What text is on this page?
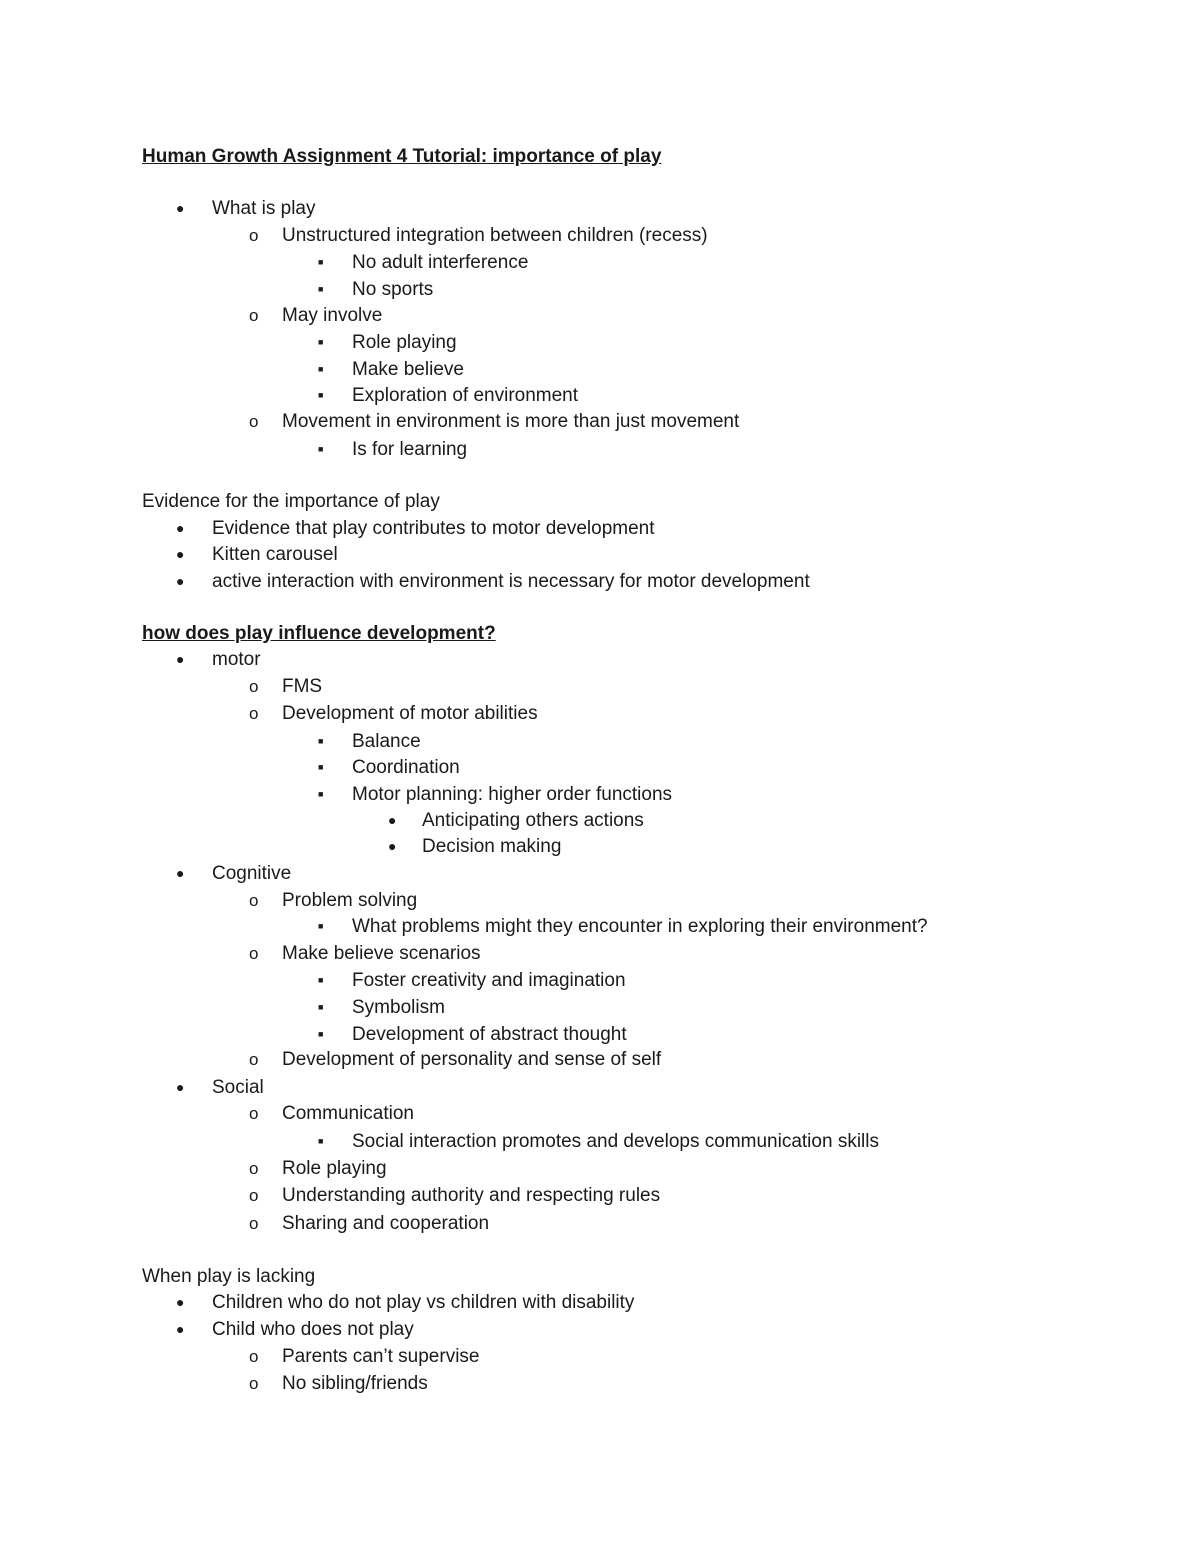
Human Growth Assignment 4 Tutorial: importance of play
● What is play
o Unstructured integration between children (recess)
■ No adult interference
■ No sports
o May involve
■ Role playing
■ Make believe
■ Exploration of environment
o Movement in environment is more than just movement
■ Is for learning
Evidence for the importance of play
● Evidence that play contributes to motor development
● Kitten carousel
● active interaction with environment is necessary for motor development
how does play influence development?
● motor
o FMS
o Development of motor abilities
■ Balance
■ Coordination
■ Motor planning: higher order functions
● Anticipating others actions
● Decision making
● Cognitive
o Problem solving
■ What problems might they encounter in exploring their environment?
o Make believe scenarios
■ Foster creativity and imagination
■ Symbolism
■ Development of abstract thought
o Development of personality and sense of self
● Social
o Communication
■ Social interaction promotes and develops communication skills
o Role playing
o Understanding authority and respecting rules
o Sharing and cooperation
When play is lacking
● Children who do not play vs children with disability
● Child who does not play
o Parents can’t supervise
o No sibling/friends
